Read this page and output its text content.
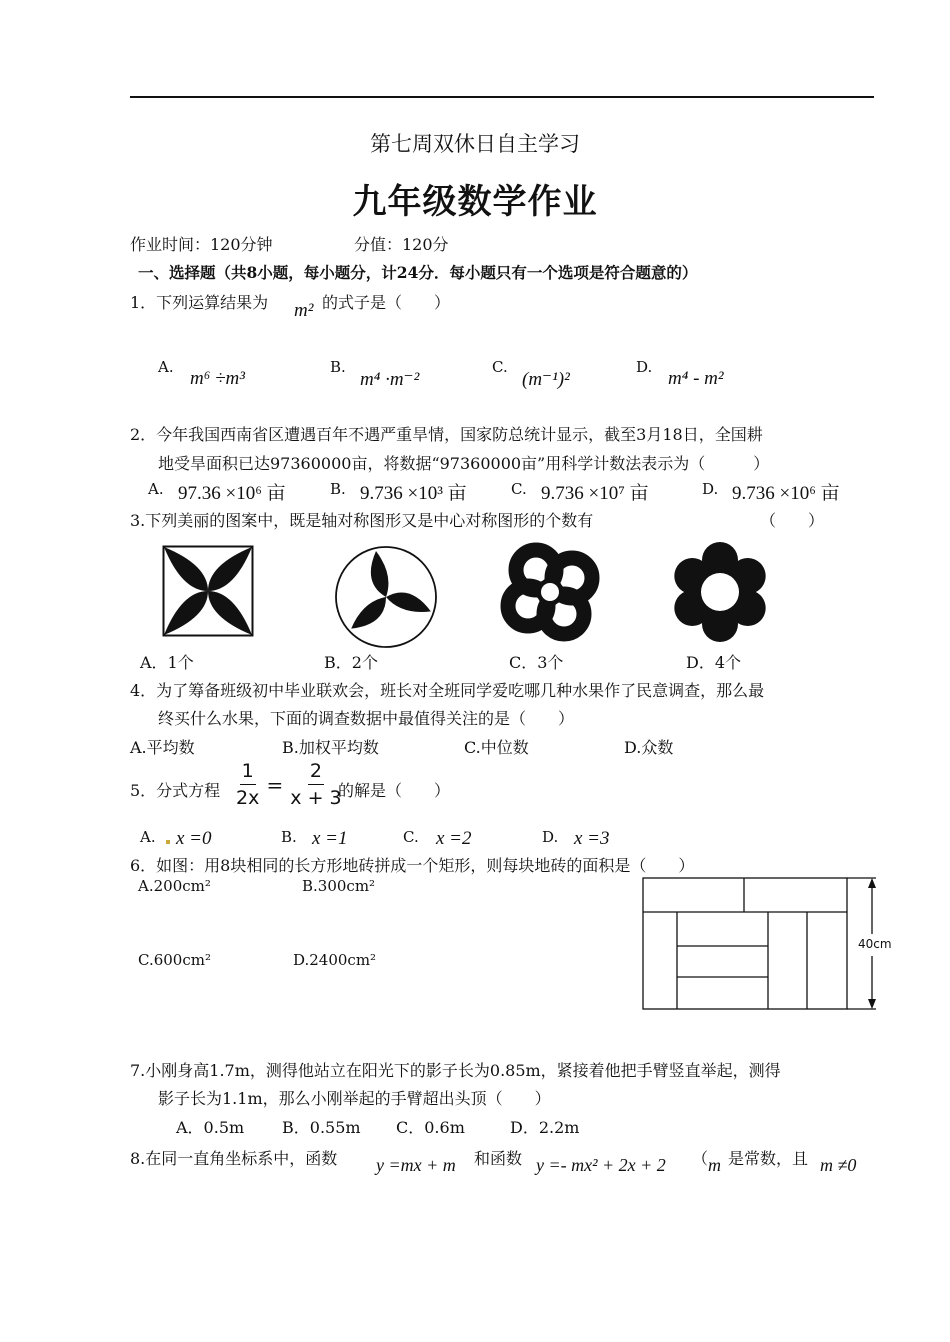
第七周双休日自主学习
九年级数学作业
作业时间：120分钟	分值：120分
一、选择题（共8小题，每小题分，计24分．每小题只有一个选项是符合题意的）
1．下列运算结果为 m² 的式子是（　　）
A.
m⁶ ÷m³
B.
m⁴ ·m⁻²
C.
(m⁻¹)²
D.
m⁴ - m²
2．今年我国西南省区遭遇百年不遇严重旱情，国家防总统计显示，截至3月18日，全国耕
地受旱面积已达97360000亩，将数据“97360000亩”用科学计数法表示为（　　　）
A. 97.36 ×10⁶ 亩	B. 9.736 ×10³ 亩	C. 9.736 ×10⁷ 亩	D. 9.736 ×10⁶ 亩
3.下列美丽的图案中，既是轴对称图形又是中心对称图形的个数有	（　　）
A．1个	B．2个	C．3个	D．4个
4．为了筹备班级初中毕业联欢会，班长对全班同学爱吃哪几种水果作了民意调查，那么最
终买什么水果，下面的调查数据中最值得关注的是（　　）
A.平均数	B.加权平均数	C.中位数	D.众数
5．分式方程 $\frac{1}{2x} = \frac{2}{x + 3}$
的解是（　　）
A. x =0	B. x =1	C. x =2	D. x =3
6．如图：用8块相同的长方形地砖拼成一个矩形，则每块地砖的面积是（　　）
A.200cm²	B.300cm²
C.600cm²	D.2400cm²
40cm
7.小刚身高1.7m，测得他站立在阳光下的影子长为0.85m，紧接着他把手臂竖直举起，测得
影子长为1.1m，那么小刚举起的手臂超出头顶（　　）
A．0.5m B．0.55m C．0.6m	D．2.2m
8.在同一直角坐标系中，函数 y =mx + m 和函数 y =- mx² + 2x + 2 （ m 是常数，且 m ≠0
